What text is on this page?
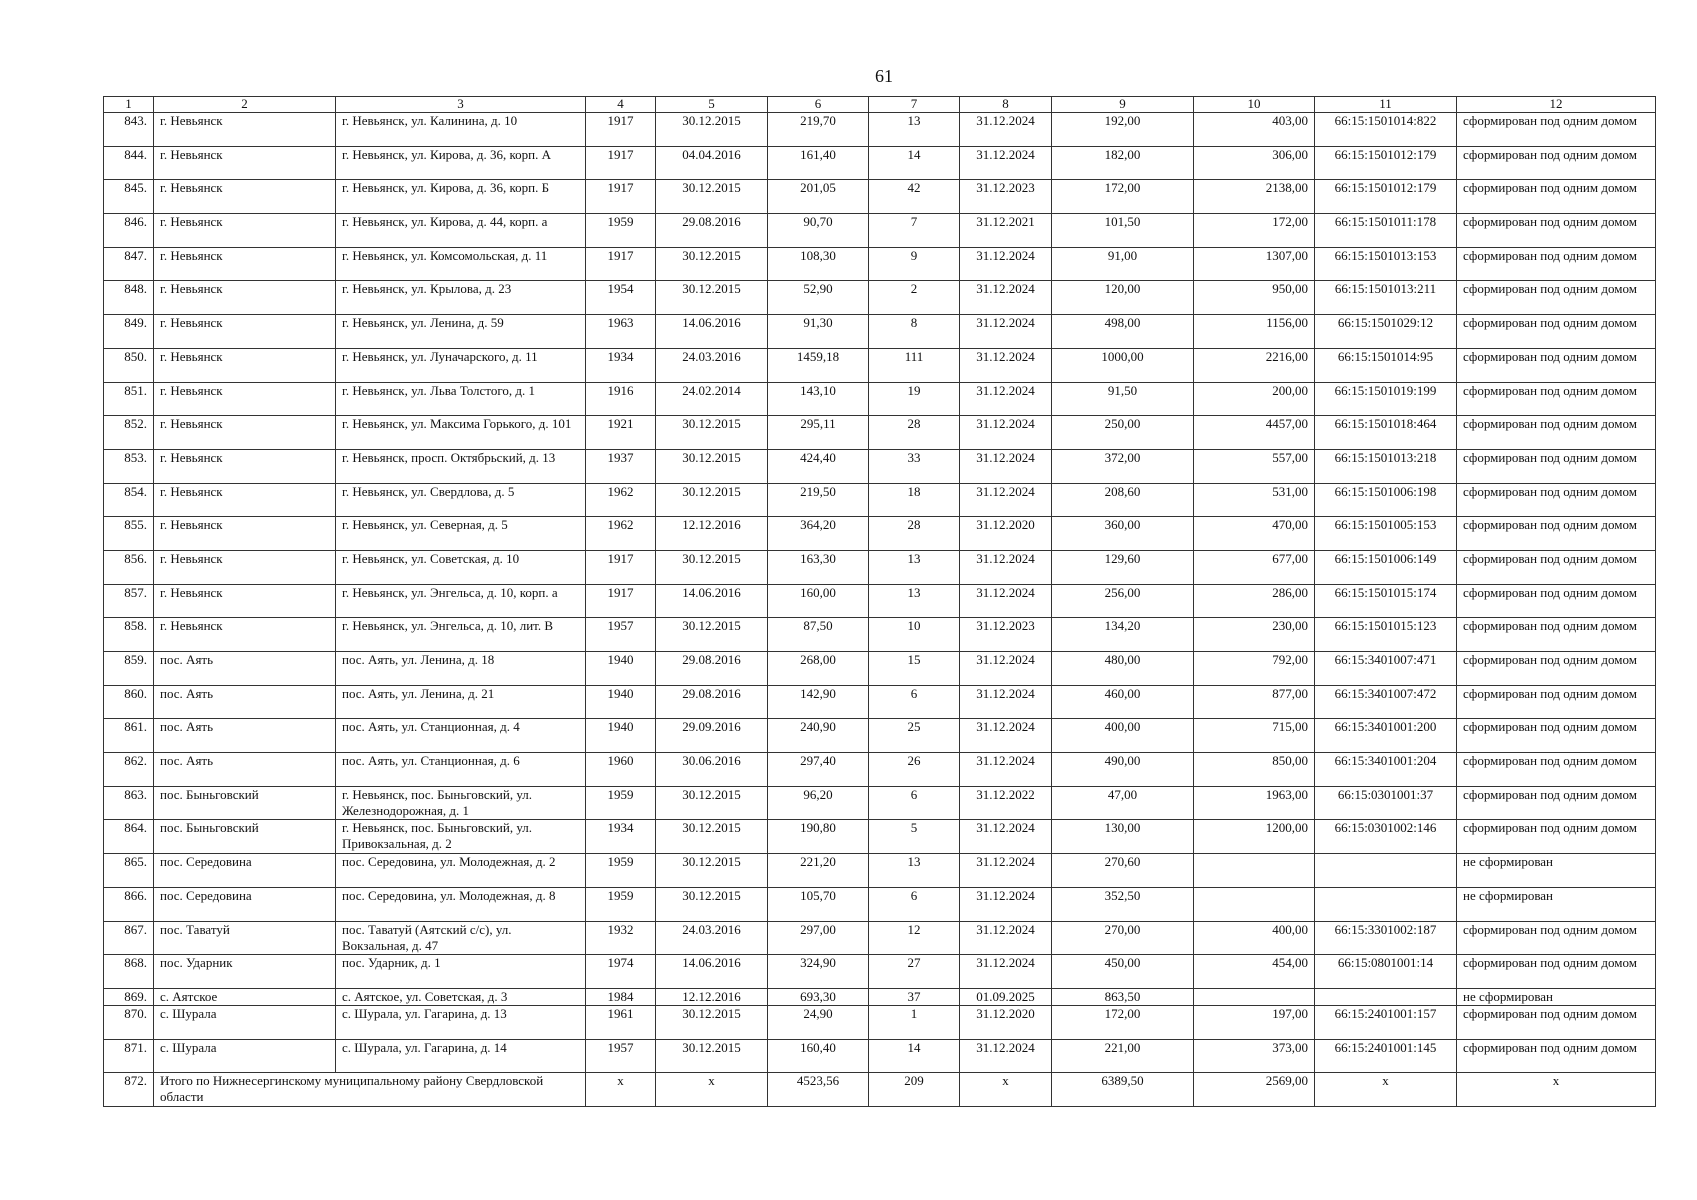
61
1	2	3	4	5	6	7	8	9	10	11	12
843.	г. Невьянск	г. Невьянск, ул. Калинина, д. 10	1917	30.12.2015	219,70	13	31.12.2024	192,00	403,00	66:15:1501014:822	сформирован под одним домом
844.	г. Невьянск	г. Невьянск, ул. Кирова, д. 36, корп. А	1917	04.04.2016	161,40	14	31.12.2024	182,00	306,00	66:15:1501012:179	сформирован под одним домом
845.	г. Невьянск	г. Невьянск, ул. Кирова, д. 36, корп. Б	1917	30.12.2015	201,05	42	31.12.2023	172,00	2138,00	66:15:1501012:179	сформирован под одним домом
846.	г. Невьянск	г. Невьянск, ул. Кирова, д. 44, корп. а	1959	29.08.2016	90,70	7	31.12.2021	101,50	172,00	66:15:1501011:178	сформирован под одним домом
847.	г. Невьянск	г. Невьянск, ул. Комсомольская, д. 11	1917	30.12.2015	108,30	9	31.12.2024	91,00	1307,00	66:15:1501013:153	сформирован под одним домом
848.	г. Невьянск	г. Невьянск, ул. Крылова, д. 23	1954	30.12.2015	52,90	2	31.12.2024	120,00	950,00	66:15:1501013:211	сформирован под одним домом
849.	г. Невьянск	г. Невьянск, ул. Ленина, д. 59	1963	14.06.2016	91,30	8	31.12.2024	498,00	1156,00	66:15:1501029:12	сформирован под одним домом
850.	г. Невьянск	г. Невьянск, ул. Луначарского, д. 11	1934	24.03.2016	1459,18	111	31.12.2024	1000,00	2216,00	66:15:1501014:95	сформирован под одним домом
851.	г. Невьянск	г. Невьянск, ул. Льва Толстого, д. 1	1916	24.02.2014	143,10	19	31.12.2024	91,50	200,00	66:15:1501019:199	сформирован под одним домом
852.	г. Невьянск	г. Невьянск, ул. Максима Горького, д. 101	1921	30.12.2015	295,11	28	31.12.2024	250,00	4457,00	66:15:1501018:464	сформирован под одним домом
853.	г. Невьянск	г. Невьянск, просп. Октябрьский, д. 13	1937	30.12.2015	424,40	33	31.12.2024	372,00	557,00	66:15:1501013:218	сформирован под одним домом
854.	г. Невьянск	г. Невьянск, ул. Свердлова, д. 5	1962	30.12.2015	219,50	18	31.12.2024	208,60	531,00	66:15:1501006:198	сформирован под одним домом
855.	г. Невьянск	г. Невьянск, ул. Северная, д. 5	1962	12.12.2016	364,20	28	31.12.2020	360,00	470,00	66:15:1501005:153	сформирован под одним домом
856.	г. Невьянск	г. Невьянск, ул. Советская, д. 10	1917	30.12.2015	163,30	13	31.12.2024	129,60	677,00	66:15:1501006:149	сформирован под одним домом
857.	г. Невьянск	г. Невьянск, ул. Энгельса, д. 10, корп. а	1917	14.06.2016	160,00	13	31.12.2024	256,00	286,00	66:15:1501015:174	сформирован под одним домом
858.	г. Невьянск	г. Невьянск, ул. Энгельса, д. 10, лит. В	1957	30.12.2015	87,50	10	31.12.2023	134,20	230,00	66:15:1501015:123	сформирован под одним домом
859.	пос. Аять	пос. Аять, ул. Ленина, д. 18	1940	29.08.2016	268,00	15	31.12.2024	480,00	792,00	66:15:3401007:471	сформирован под одним домом
860.	пос. Аять	пос. Аять, ул. Ленина, д. 21	1940	29.08.2016	142,90	6	31.12.2024	460,00	877,00	66:15:3401007:472	сформирован под одним домом
861.	пос. Аять	пос. Аять, ул. Станционная, д. 4	1940	29.09.2016	240,90	25	31.12.2024	400,00	715,00	66:15:3401001:200	сформирован под одним домом
862.	пос. Аять	пос. Аять, ул. Станционная, д. 6	1960	30.06.2016	297,40	26	31.12.2024	490,00	850,00	66:15:3401001:204	сформирован под одним домом
863.	пос. Быньговский	г. Невьянск, пос. Быньговский, ул. Железнодорожная, д. 1	1959	30.12.2015	96,20	6	31.12.2022	47,00	1963,00	66:15:0301001:37	сформирован под одним домом
864.	пос. Быньговский	г. Невьянск, пос. Быньговский, ул. Привокзальная, д. 2	1934	30.12.2015	190,80	5	31.12.2024	130,00	1200,00	66:15:0301002:146	сформирован под одним домом
865.	пос. Середовина	пос. Середовина, ул. Молодежная, д. 2	1959	30.12.2015	221,20	13	31.12.2024	270,60			не сформирован
866.	пос. Середовина	пос. Середовина, ул. Молодежная, д. 8	1959	30.12.2015	105,70	6	31.12.2024	352,50			не сформирован
867.	пос. Таватуй	пос. Таватуй (Аятский с/с), ул. Вокзальная, д. 47	1932	24.03.2016	297,00	12	31.12.2024	270,00	400,00	66:15:3301002:187	сформирован под одним домом
868.	пос. Ударник	пос. Ударник, д. 1	1974	14.06.2016	324,90	27	31.12.2024	450,00	454,00	66:15:0801001:14	сформирован под одним домом
869.	с. Аятское	с. Аятское, ул. Советская, д. 3	1984	12.12.2016	693,30	37	01.09.2025	863,50			не сформирован
870.	с. Шурала	с. Шурала, ул. Гагарина, д. 13	1961	30.12.2015	24,90	1	31.12.2020	172,00	197,00	66:15:2401001:157	сформирован под одним домом
871.	с. Шурала	с. Шурала, ул. Гагарина, д. 14	1957	30.12.2015	160,40	14	31.12.2024	221,00	373,00	66:15:2401001:145	сформирован под одним домом
872.	Итого по Нижнесергинскому муниципальному району Свердловской области		х	х	4523,56	209	х	6389,50	2569,00	х	х
